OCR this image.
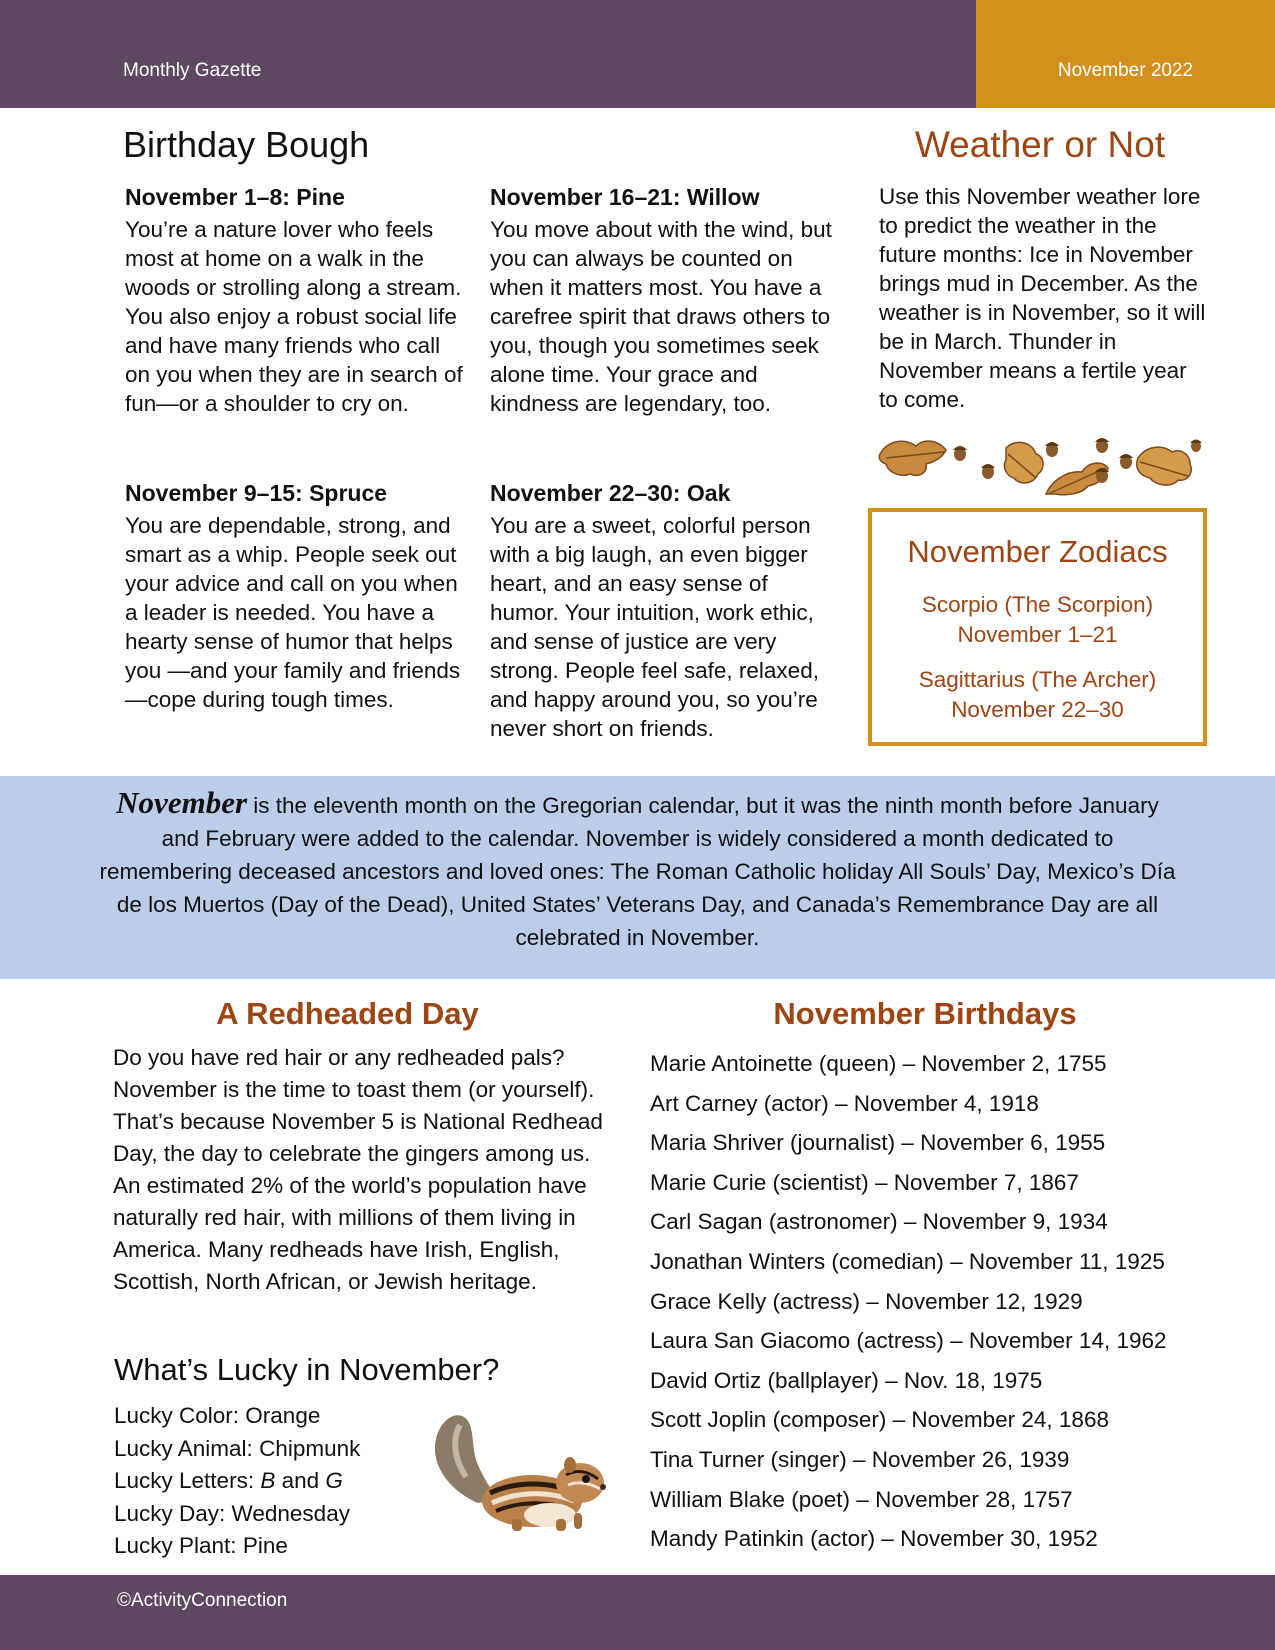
Monthly Gazette	November 2022
Birthday Bough
November 1–8: Pine

You’re a nature lover who feels most at home on a walk in the woods or strolling along a stream. You also enjoy a robust social life and have many friends who call on you when they are in search of fun—or a shoulder to cry on.

November 9–15: Spruce

You are dependable, strong, and smart as a whip. People seek out your advice and call on you when a leader is needed. You have a hearty sense of humor that helps you —and your family and friends —cope during tough times.

November 16–21: Willow

You move about with the wind, but you can always be counted on when it matters most. You have a carefree spirit that draws others to you, though you sometimes seek alone time. Your grace and kindness are legendary, too.

November 22–30: Oak

You are a sweet, colorful person with a big laugh, an even bigger heart, and an easy sense of humor. Your intuition, work ethic, and sense of justice are very strong. People feel safe, relaxed, and happy around you, so you’re never short on friends.

Weather or Not

Use this November weather lore to predict the weather in the future months: Ice in November brings mud in December. As the weather is in November, so it will be in March. Thunder in November means a fertile year to come.

November Zodiacs
Scorpio (The Scorpion)
November 1–21
Sagittarius (The Archer)
November 22–30

November is the eleventh month on the Gregorian calendar, but it was the ninth month before January and February were added to the calendar. November is widely considered a month dedicated to remembering deceased ancestors and loved ones: The Roman Catholic holiday All Souls’ Day, Mexico’s Día de los Muertos (Day of the Dead), United States’ Veterans Day, and Canada’s Remembrance Day are all celebrated in November.

A Redheaded Day

Do you have red hair or any redheaded pals? November is the time to toast them (or yourself). That’s because November 5 is National Redhead Day, the day to celebrate the gingers among us. An estimated 2% of the world’s population have naturally red hair, with millions of them living in America. Many redheads have Irish, English, Scottish, North African, or Jewish heritage.

What’s Lucky in November?
Lucky Color: Orange
Lucky Animal: Chipmunk
Lucky Letters: B and G
Lucky Day: Wednesday
Lucky Plant: Pine
November Birthdays
Marie Antoinette (queen) – November 2, 1755
Art Carney (actor) – November 4, 1918
Maria Shriver (journalist) – November 6, 1955
Marie Curie (scientist) – November 7, 1867
Carl Sagan (astronomer) – November 9, 1934
Jonathan Winters (comedian) – November 11, 1925
Grace Kelly (actress) – November 12, 1929
Laura San Giacomo (actress) – November 14, 1962
David Ortiz (ballplayer) – Nov. 18, 1975
Scott Joplin (composer) – November 24, 1868
Tina Turner (singer) – November 26, 1939
William Blake (poet) – November 28, 1757
Mandy Patinkin (actor) – November 30, 1952
©ActivityConnection
